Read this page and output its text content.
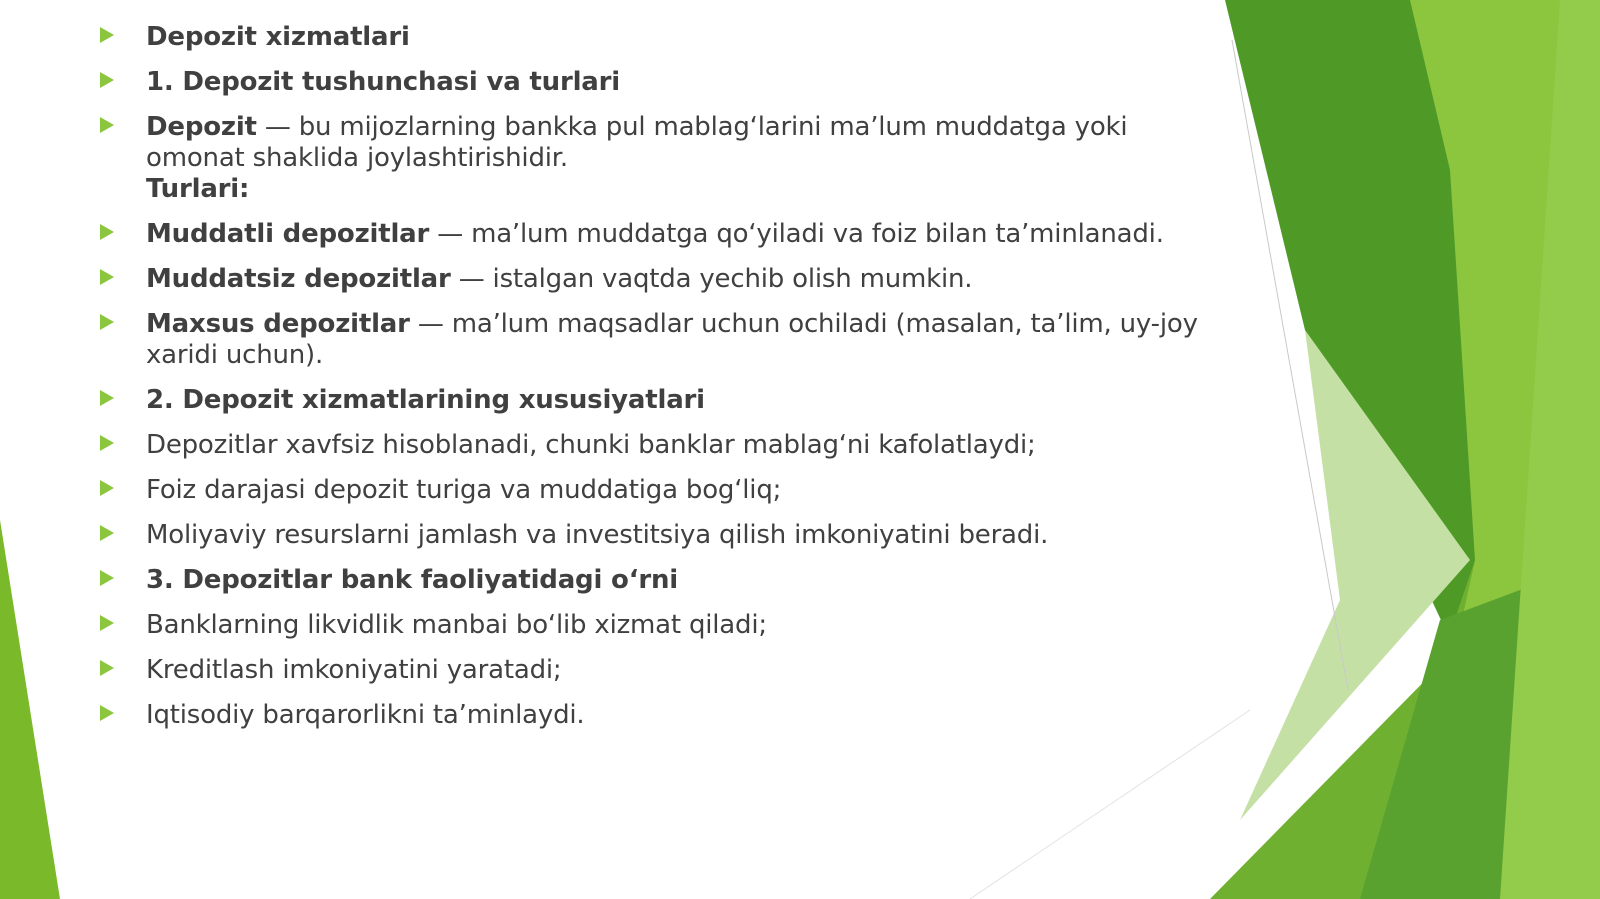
Depozit xizmatlari
1. Depozit tushunchasi va turlari
Depozit — bu mijozlarning bankka pul mablag‘larini ma’lum muddatga yoki omonat shaklida joylashtirishidir.
Turlari:
Muddatli depozitlar — ma’lum muddatga qo‘yiladi va foiz bilan ta’minlanadi.
Muddatsiz depozitlar — istalgan vaqtda yechib olish mumkin.
Maxsus depozitlar — ma’lum maqsadlar uchun ochiladi (masalan, ta’lim, uy-joy xaridi uchun).
2. Depozit xizmatlarining xususiyatlari
Depozitlar xavfsiz hisoblanadi, chunki banklar mablag‘ni kafolatlaydi;
Foiz darajasi depozit turiga va muddatiga bog‘liq;
Moliyaviy resurslarni jamlash va investitsiya qilish imkoniyatini beradi.
3. Depozitlar bank faoliyatidagi o‘rni
Banklarning likvidlik manbai bo‘lib xizmat qiladi;
Kreditlash imkoniyatini yaratadi;
Iqtisodiy barqarorlikni ta’minlaydi.
